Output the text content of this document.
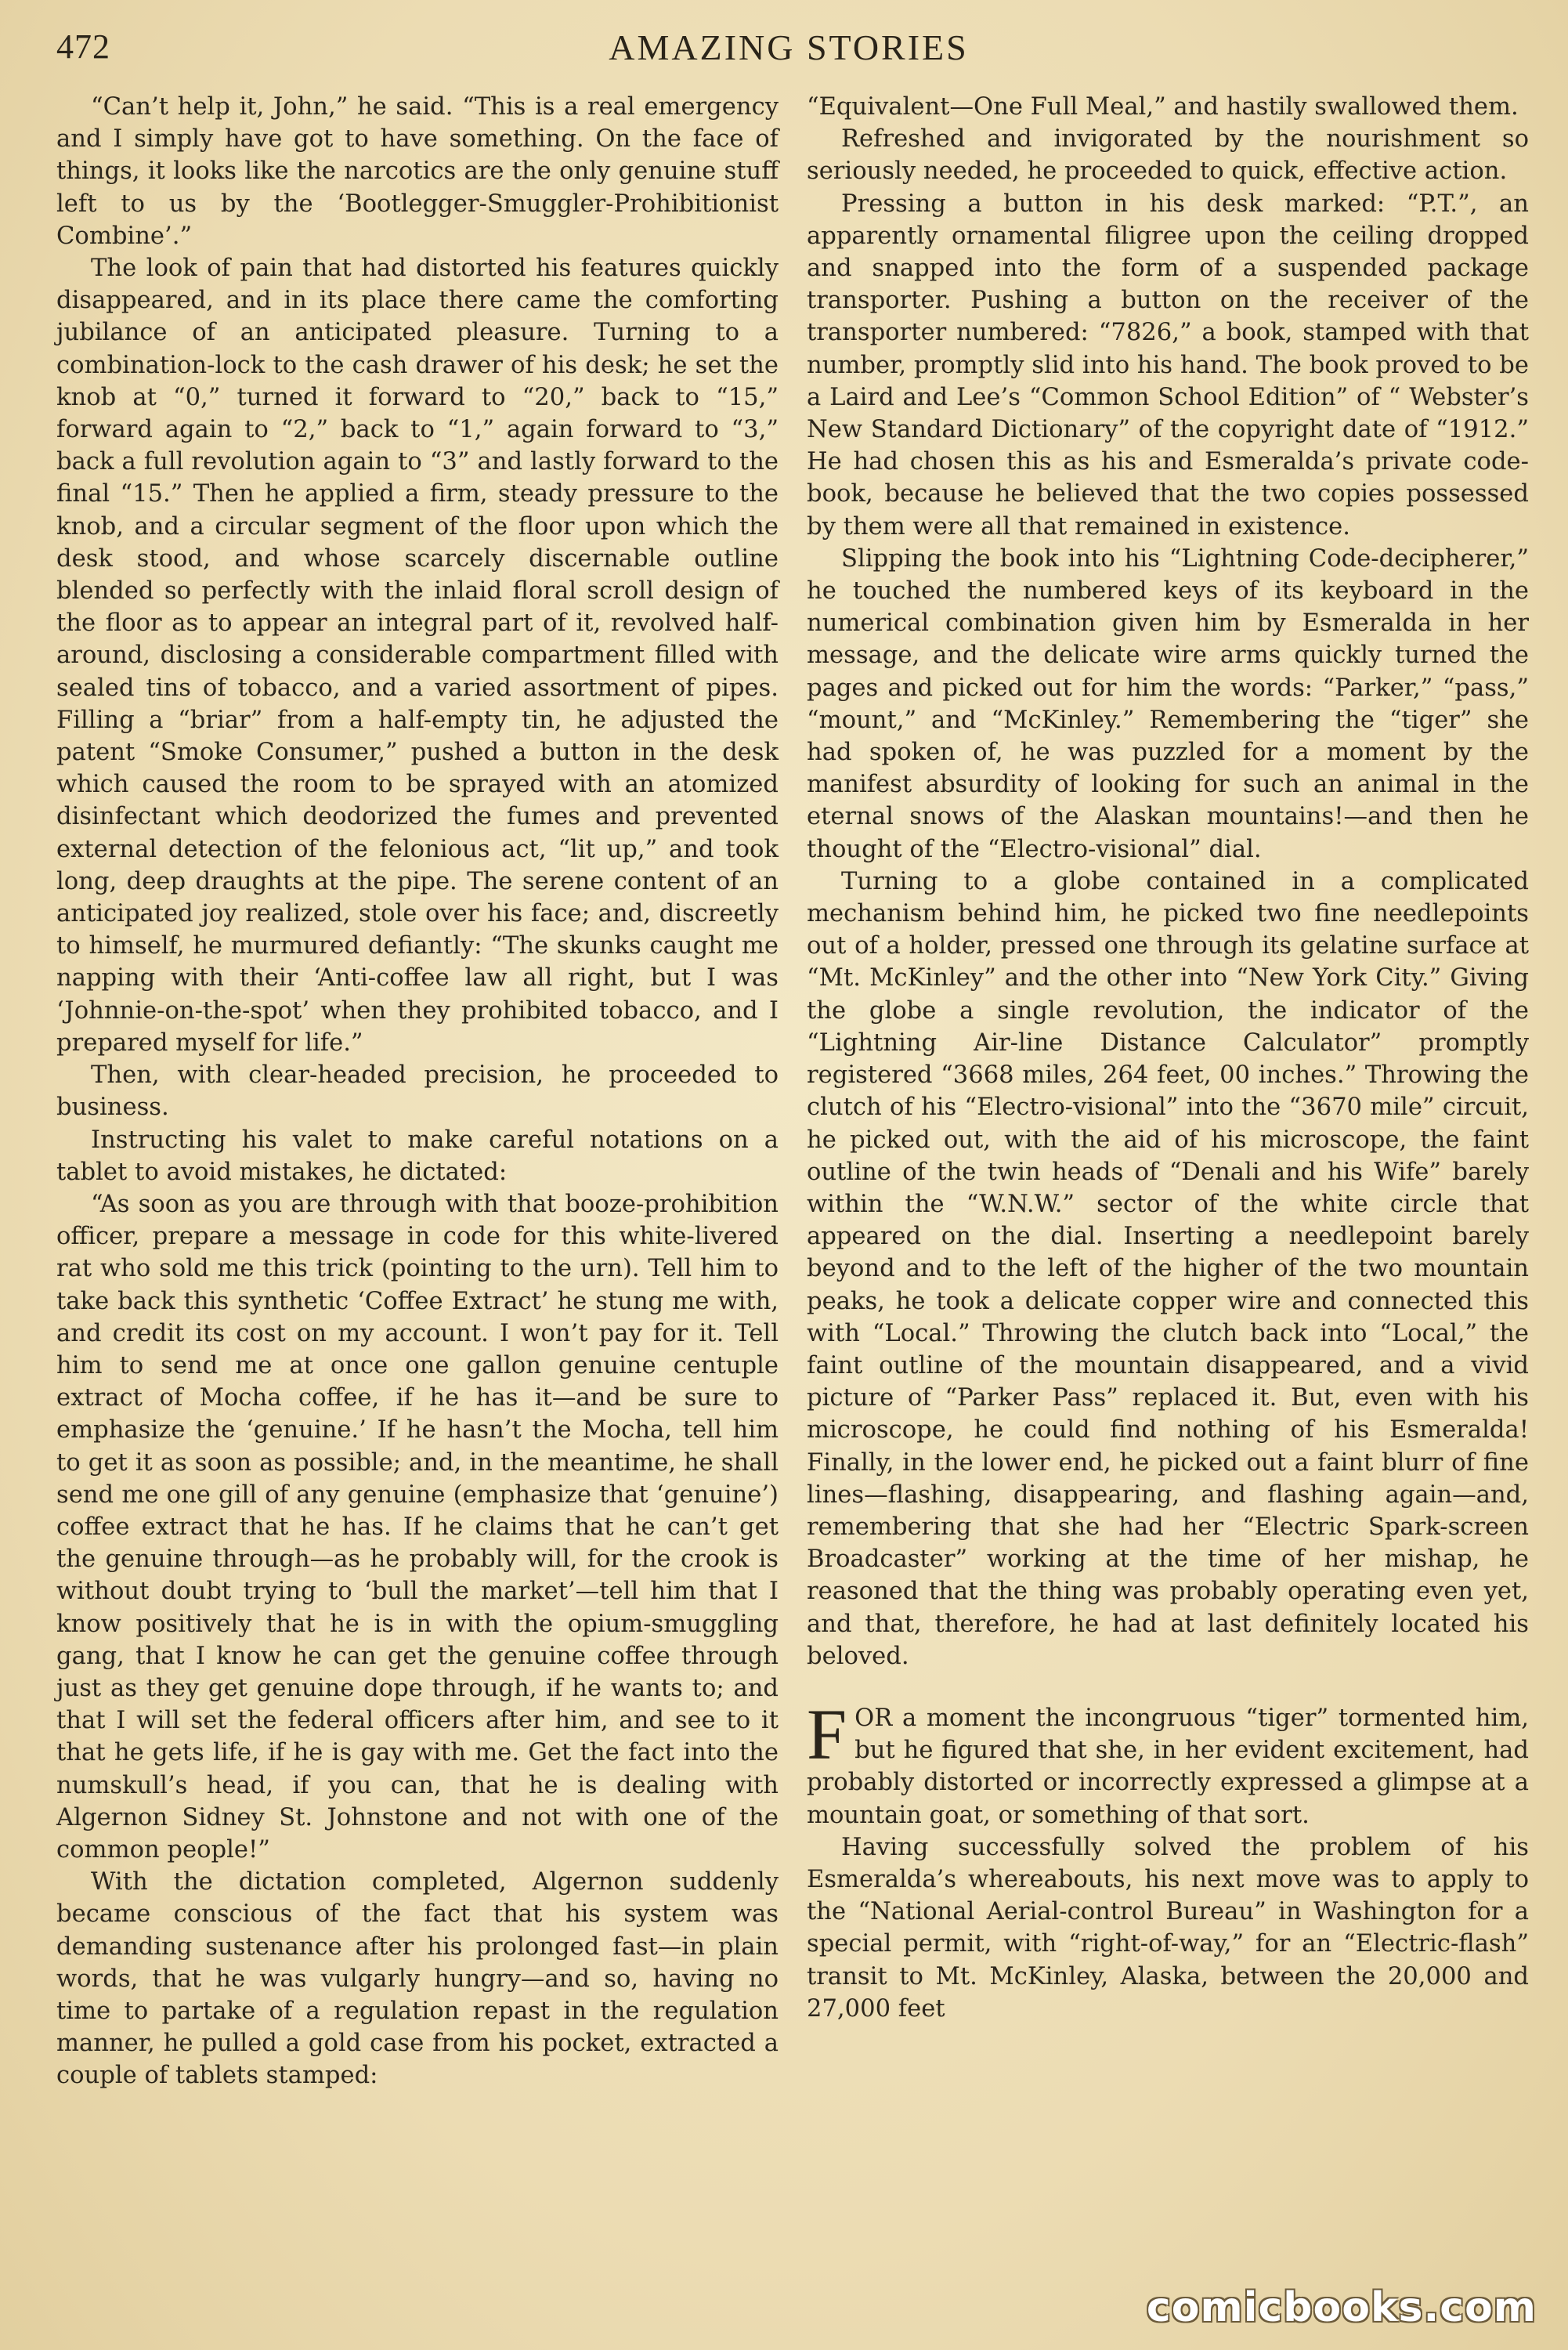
472	AMAZING STORIES

“Can’t help it, John,” he said. “This is a real emergency and I simply have got to have something. On the face of things, it looks like the narcotics are the only genuine stuff left to us by the ‘Bootlegger-Smuggler-Prohibitionist Combine’.”

The look of pain that had distorted his features quickly disappeared, and in its place there came the comforting jubilance of an anticipated pleasure. Turning to a combination-lock to the cash drawer of his desk; he set the knob at “0,” turned it forward to “20,” back to “15,” forward again to “2,” back to “1,” again forward to “3,” back a full revolution again to “3” and lastly forward to the final “15.” Then he applied a firm, steady pressure to the knob, and a circular segment of the floor upon which the desk stood, and whose scarcely discernable outline blended so perfectly with the inlaid floral scroll design of the floor as to appear an integral part of it, revolved half-around, disclosing a considerable compartment filled with sealed tins of tobacco, and a varied assortment of pipes. Filling a “briar” from a half-empty tin, he adjusted the patent “Smoke Consumer,” pushed a button in the desk which caused the room to be sprayed with an atomized disinfectant which deodorized the fumes and prevented external detection of the felonious act, “lit up,” and took long, deep draughts at the pipe. The serene content of an anticipated joy realized, stole over his face; and, discreetly to himself, he murmured defiantly: “The skunks caught me napping with their ‘Anti-coffee law all right, but I was ‘Johnnie-on-the-spot’ when they prohibited tobacco, and I prepared myself for life.”

Then, with clear-headed precision, he proceeded to business.

Instructing his valet to make careful notations on a tablet to avoid mistakes, he dictated:

“As soon as you are through with that booze-prohibition officer, prepare a message in code for this white-livered rat who sold me this trick (pointing to the urn). Tell him to take back this synthetic ‘Coffee Extract’ he stung me with, and credit its cost on my account. I won’t pay for it. Tell him to send me at once one gallon genuine centuple extract of Mocha coffee, if he has it—and be sure to emphasize the ‘genuine.’ If he hasn’t the Mocha, tell him to get it as soon as possible; and, in the meantime, he shall send me one gill of any genuine (emphasize that ‘genuine’) coffee extract that he has. If he claims that he can’t get the genuine through—as he probably will, for the crook is without doubt trying to ‘bull the market’—tell him that I know positively that he is in with the opium-smuggling gang, that I know he can get the genuine coffee through just as they get genuine dope through, if he wants to; and that I will set the federal officers after him, and see to it that he gets life, if he is gay with me. Get the fact into the numskull’s head, if you can, that he is dealing with Algernon Sidney St. Johnstone and not with one of the common people!”

With the dictation completed, Algernon suddenly became conscious of the fact that his system was demanding sustenance after his prolonged fast—in plain words, that he was vulgarly hungry—and so, having no time to partake of a regulation repast in the regulation manner, he pulled a gold case from his pocket, extracted a couple of tablets stamped:

“Equivalent—One Full Meal,” and hastily swallowed them.

Refreshed and invigorated by the nourishment so seriously needed, he proceeded to quick, effective action.

Pressing a button in his desk marked: “P.T.”, an apparently ornamental filigree upon the ceiling dropped and snapped into the form of a suspended package transporter. Pushing a button on the receiver of the transporter numbered: “7826,” a book, stamped with that number, promptly slid into his hand. The book proved to be a Laird and Lee’s “Common School Edition” of “ Webster’s New Standard Dictionary” of the copyright date of “1912.” He had chosen this as his and Esmeralda’s private code-book, because he believed that the two copies possessed by them were all that remained in existence.

Slipping the book into his “Lightning Code-decipherer,” he touched the numbered keys of its keyboard in the numerical combination given him by Esmeralda in her message, and the delicate wire arms quickly turned the pages and picked out for him the words: “Parker,” “pass,” “mount,” and “McKinley.” Remembering the “tiger” she had spoken of, he was puzzled for a moment by the manifest absurdity of looking for such an animal in the eternal snows of the Alaskan mountains!—and then he thought of the “Electro-visional” dial.

Turning to a globe contained in a complicated mechanism behind him, he picked two fine needlepoints out of a holder, pressed one through its gelatine surface at “Mt. McKinley” and the other into “New York City.” Giving the globe a single revolution, the indicator of the “Lightning Air-line Distance Calculator” promptly registered “3668 miles, 264 feet, 00 inches.” Throwing the clutch of his “Electro-visional” into the “3670 mile” circuit, he picked out, with the aid of his microscope, the faint outline of the twin heads of “Denali and his Wife” barely within the “W.N.W.” sector of the white circle that appeared on the dial. Inserting a needlepoint barely beyond and to the left of the higher of the two mountain peaks, he took a delicate copper wire and connected this with “Local.” Throwing the clutch back into “Local,” the faint outline of the mountain disappeared, and a vivid picture of “Parker Pass” replaced it. But, even with his microscope, he could find nothing of his Esmeralda! Finally, in the lower end, he picked out a faint blurr of fine lines—flashing, disappearing, and flashing again—and, remembering that she had her “Electric Spark-screen Broadcaster” working at the time of her mishap, he reasoned that the thing was probably operating even yet, and that, therefore, he had at last definitely located his beloved.

FOR a moment the incongruous “tiger” tormented him, but he figured that she, in her evident excitement, had probably distorted or incorrectly expressed a glimpse at a mountain goat, or something of that sort.

Having successfully solved the problem of his Esmeralda’s whereabouts, his next move was to apply to the “National Aerial-control Bureau” in Washington for a special permit, with “right-of-way,” for an “Electric-flash” transit to Mt. McKinley, Alaska, between the 20,000 and 27,000 feet

comicbooks.com
